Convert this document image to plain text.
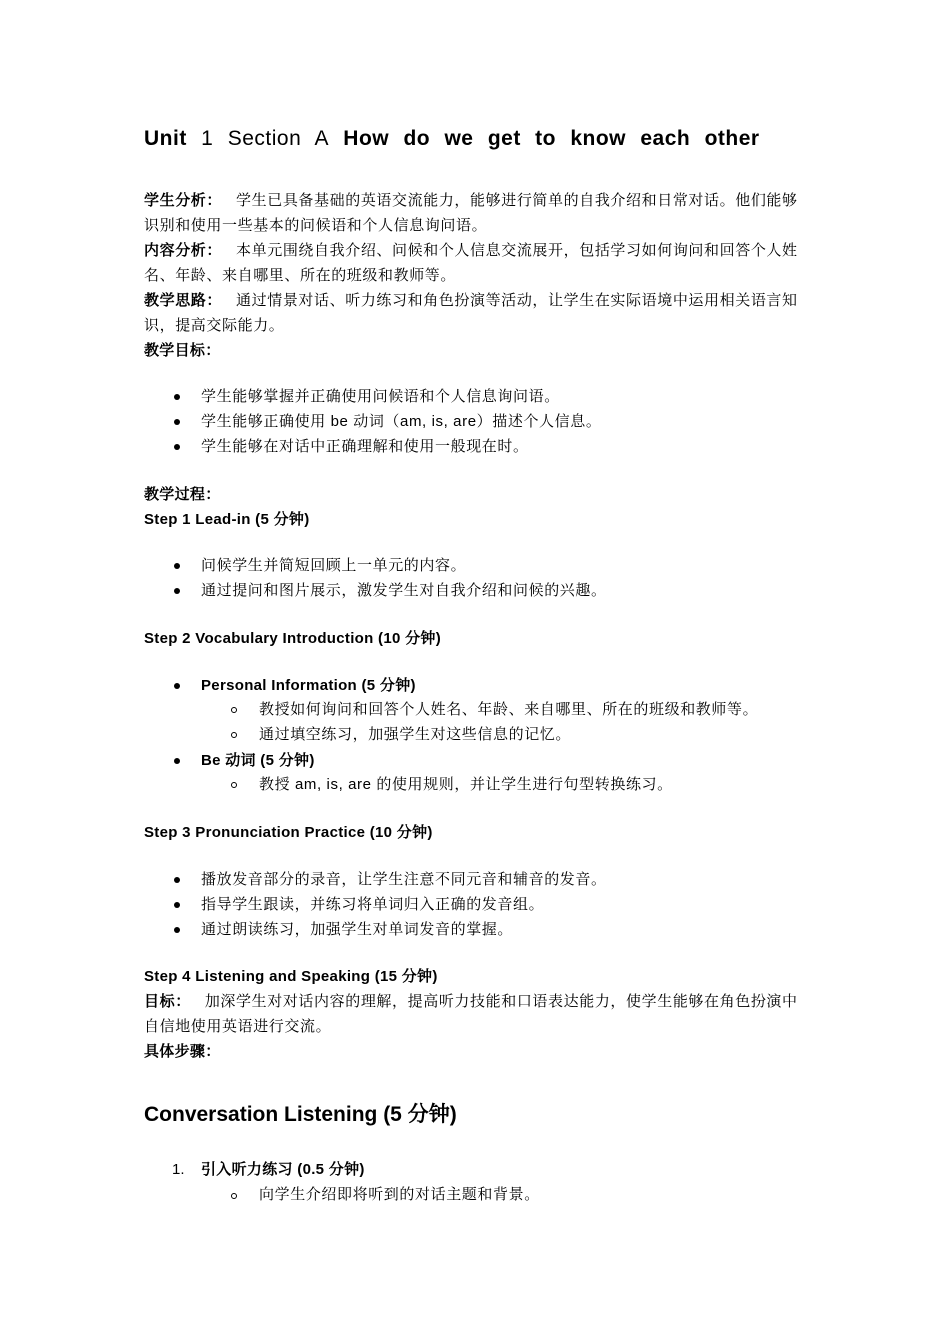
Unit 1 Section A How do we get to know each other
学生分析： 学生已具备基础的英语交流能力，能够进行简单的自我介绍和日常对话。他们能够识别和使用一些基本的问候语和个人信息询问语。
内容分析： 本单元围绕自我介绍、问候和个人信息交流展开，包括学习如何询问和回答个人姓名、年龄、来自哪里、所在的班级和教师等。
教学思路： 通过情景对话、听力练习和角色扮演等活动，让学生在实际语境中运用相关语言知识，提高交际能力。
教学目标：
学生能够掌握并正确使用问候语和个人信息询问语。
学生能够正确使用 be 动词（am, is, are）描述个人信息。
学生能够在对话中正确理解和使用一般现在时。
教学过程：
Step 1 Lead-in (5 分钟)
问候学生并简短回顾上一单元的内容。
通过提问和图片展示，激发学生对自我介绍和问候的兴趣。
Step 2 Vocabulary Introduction (10 分钟)
Personal Information (5 分钟)
教授如何询问和回答个人姓名、年龄、来自哪里、所在的班级和教师等。
通过填空练习，加强学生对这些信息的记忆。
Be 动词 (5 分钟)
教授 am, is, are 的使用规则，并让学生进行句型转换练习。
Step 3 Pronunciation Practice (10 分钟)
播放发音部分的录音，让学生注意不同元音和辅音的发音。
指导学生跟读，并练习将单词归入正确的发音组。
通过朗读练习，加强学生对单词发音的掌握。
Step 4 Listening and Speaking (15 分钟)
目标： 加深学生对对话内容的理解，提高听力技能和口语表达能力，使学生能够在角色扮演中自信地使用英语进行交流。
具体步骤：
Conversation Listening (5 分钟)
1. 引入听力练习 (0.5 分钟)
向学生介绍即将听到的对话主题和背景。
